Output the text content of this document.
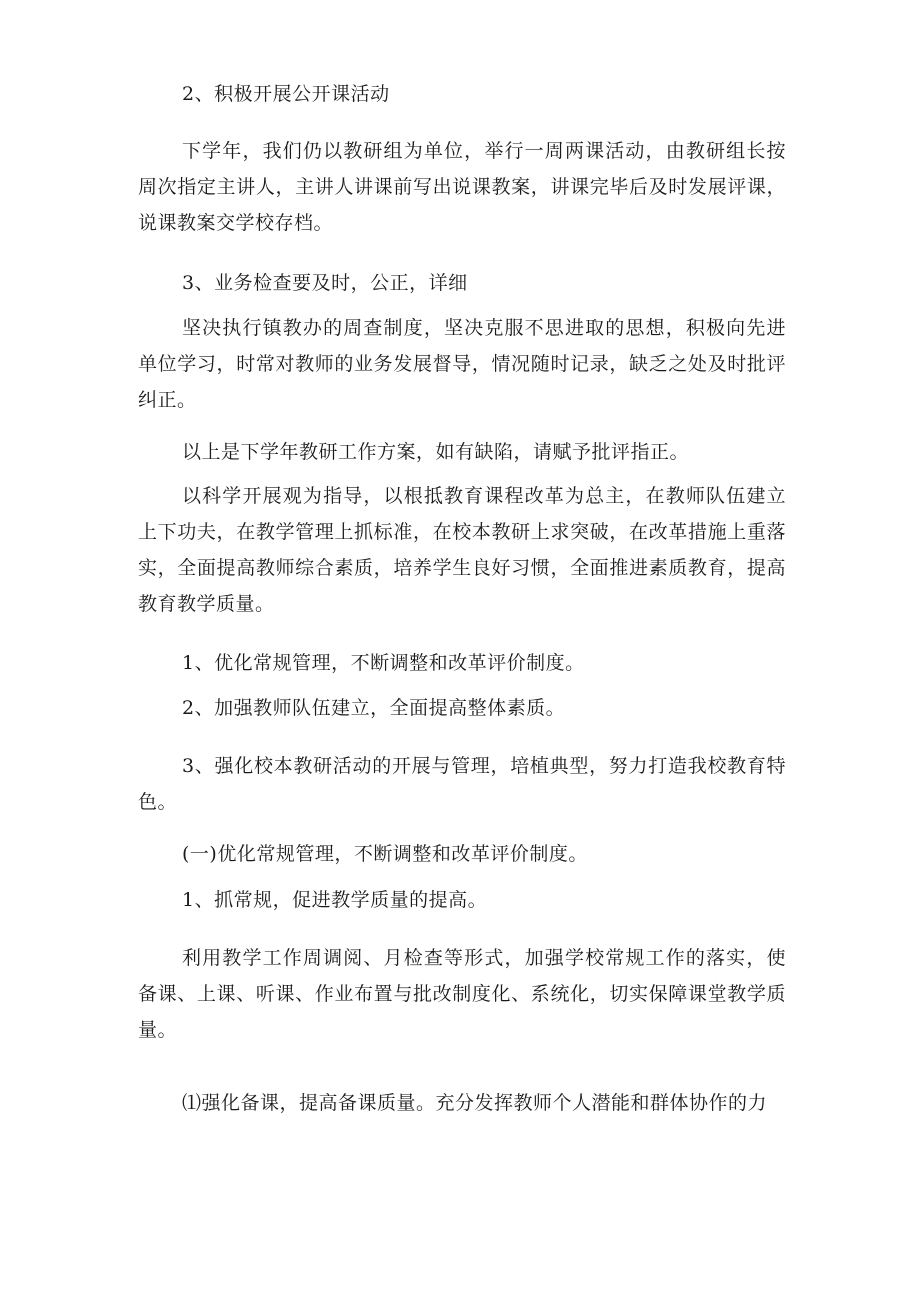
2、积极开展公开课活动

下学年，我们仍以教研组为单位，举行一周两课活动，由教研组长按周次指定主讲人，主讲人讲课前写出说课教案，讲课完毕后及时发展评课，说课教案交学校存档。

3、业务检查要及时，公正，详细

坚决执行镇教办的周查制度，坚决克服不思进取的思想，积极向先进单位学习，时常对教师的业务发展督导，情况随时记录，缺乏之处及时批评纠正。

以上是下学年教研工作方案，如有缺陷，请赋予批评指正。

以科学开展观为指导，以根抵教育课程改革为总主，在教师队伍建立上下功夫，在教学管理上抓标准，在校本教研上求突破，在改革措施上重落实，全面提高教师综合素质，培养学生良好习惯，全面推进素质教育，提高教育教学质量。

1、优化常规管理，不断调整和改革评价制度。

2、加强教师队伍建立，全面提高整体素质。

3、强化校本教研活动的开展与管理，培植典型，努力打造我校教育特色。

(一)优化常规管理，不断调整和改革评价制度。

1、抓常规，促进教学质量的提高。

利用教学工作周调阅、月检查等形式，加强学校常规工作的落实，使备课、上课、听课、作业布置与批改制度化、系统化，切实保障课堂教学质量。

⑴强化备课，提高备课质量。充分发挥教师个人潜能和群体协作的力
